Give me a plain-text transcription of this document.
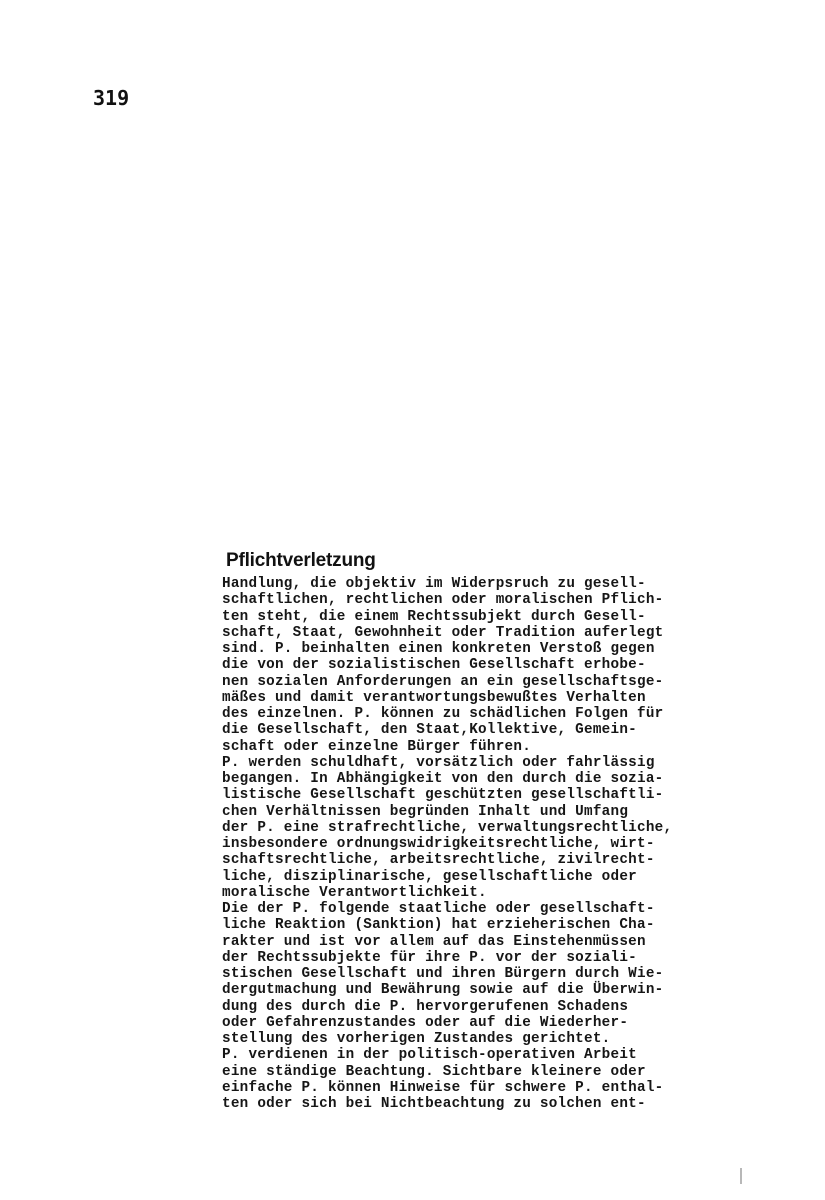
319
Pflichtverletzung
Handlung, die objektiv im Widerpsruch zu gesell-
schaftlichen, rechtlichen oder moralischen Pflich-
ten steht, die einem Rechtssubjekt durch Gesell-
schaft, Staat, Gewohnheit oder Tradition auferlegt
sind. P. beinhalten einen konkreten Verstoß gegen
die von der sozialistischen Gesellschaft erhobe-
nen sozialen Anforderungen an ein gesellschaftsge-
mäßes und damit verantwortungsbewußtes Verhalten
des einzelnen. P. können zu schädlichen Folgen für
die Gesellschaft, den Staat,Kollektive, Gemein-
schaft oder einzelne Bürger führen.
P. werden schuldhaft, vorsätzlich oder fahrlässig
begangen. In Abhängigkeit von den durch die sozia-
listische Gesellschaft geschützten gesellschaftli-
chen Verhältnissen begründen Inhalt und Umfang
der P. eine strafrechtliche, verwaltungsrechtliche,
insbesondere ordnungswidrigkeitsrechtliche, wirt-
schaftsrechtliche, arbeitsrechtliche, zivilrecht-
liche, disziplinarische, gesellschaftliche oder
moralische Verantwortlichkeit.
Die der P. folgende staatliche oder gesellschaft-
liche Reaktion (Sanktion) hat erzieherischen Cha-
rakter und ist vor allem auf das Einstehenmüssen
der Rechtssubjekte für ihre P. vor der soziali-
stischen Gesellschaft und ihren Bürgern durch Wie-
dergutmachung und Bewährung sowie auf die Überwin-
dung des durch die P. hervorgerufenen Schadens
oder Gefahrenzustandes oder auf die Wiederher-
stellung des vorherigen Zustandes gerichtet.
P. verdienen in der politisch-operativen Arbeit
eine ständige Beachtung. Sichtbare kleinere oder
einfache P. können Hinweise für schwere P. enthal-
ten oder sich bei Nichtbeachtung zu solchen ent-
